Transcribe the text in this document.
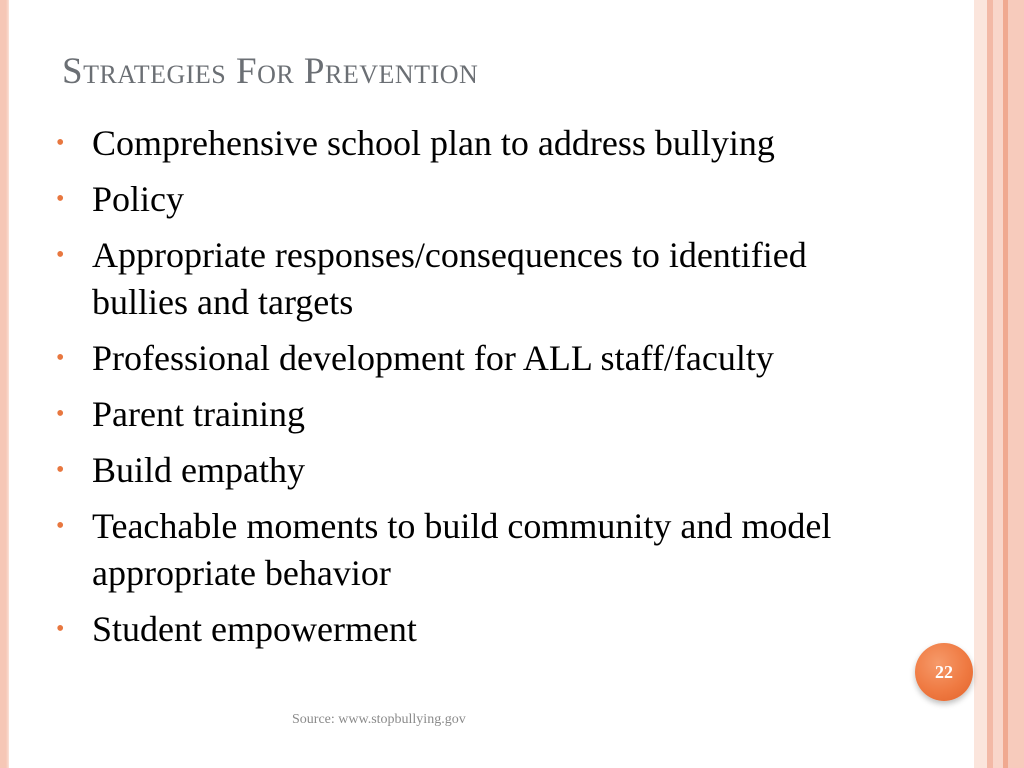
Strategies For Prevention
• Comprehensive school plan to address bullying
• Policy
• Appropriate responses/consequences to identified bullies and targets
• Professional development for ALL staff/faculty
• Parent training
• Build empathy
• Teachable moments to build community and model appropriate behavior
• Student empowerment
Source: www.stopbullying.gov
22
